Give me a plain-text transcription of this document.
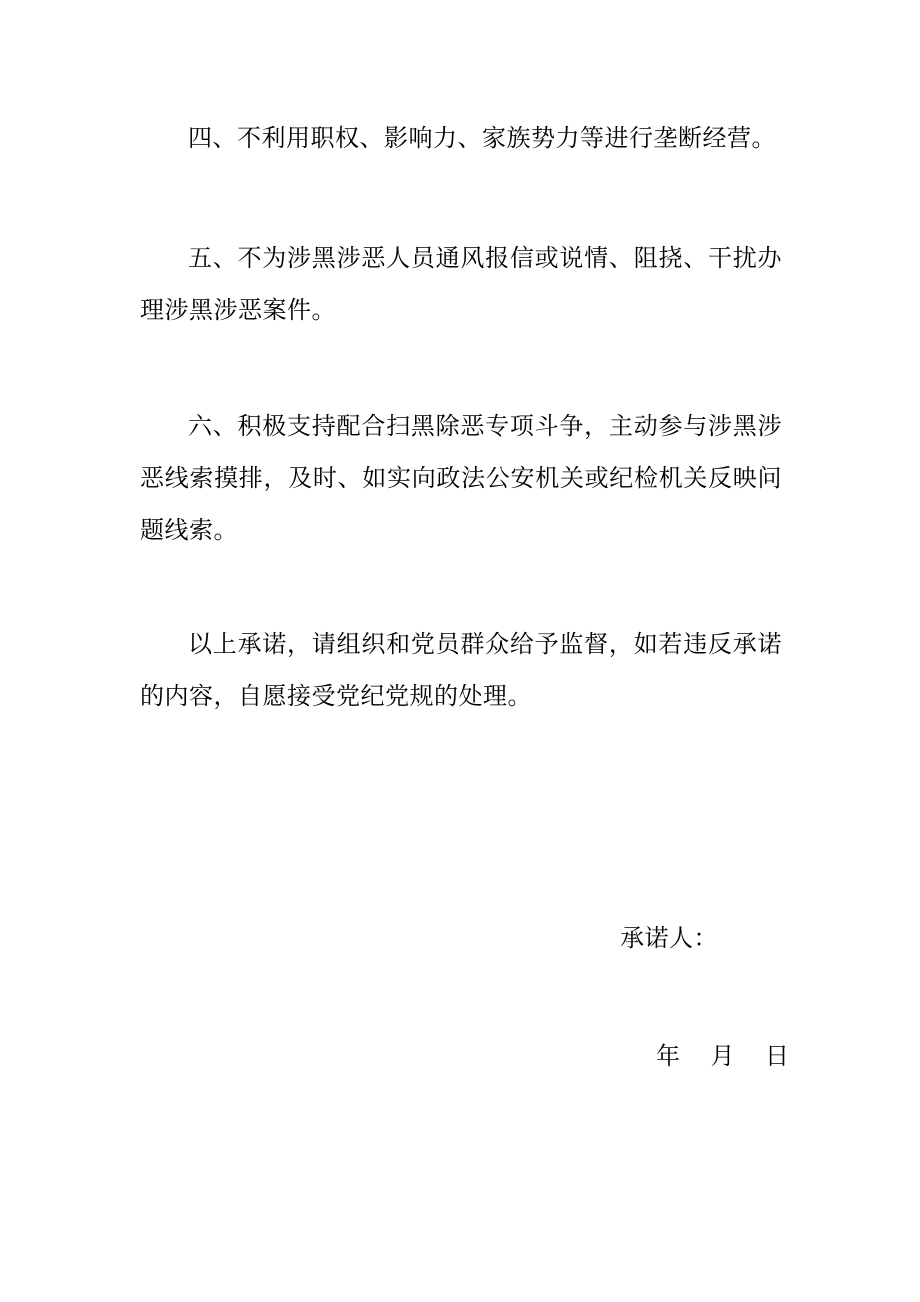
四、不利用职权、影响力、家族势力等进行垄断经营。

五、不为涉黑涉恶人员通风报信或说情、阻挠、干扰办理涉黑涉恶案件。

六、积极支持配合扫黑除恶专项斗争，主动参与涉黑涉恶线索摸排，及时、如实向政法公安机关或纪检机关反映问题线索。

以上承诺，请组织和党员群众给予监督，如若违反承诺的内容，自愿接受党纪党规的处理。

承诺人：

年    月    日
